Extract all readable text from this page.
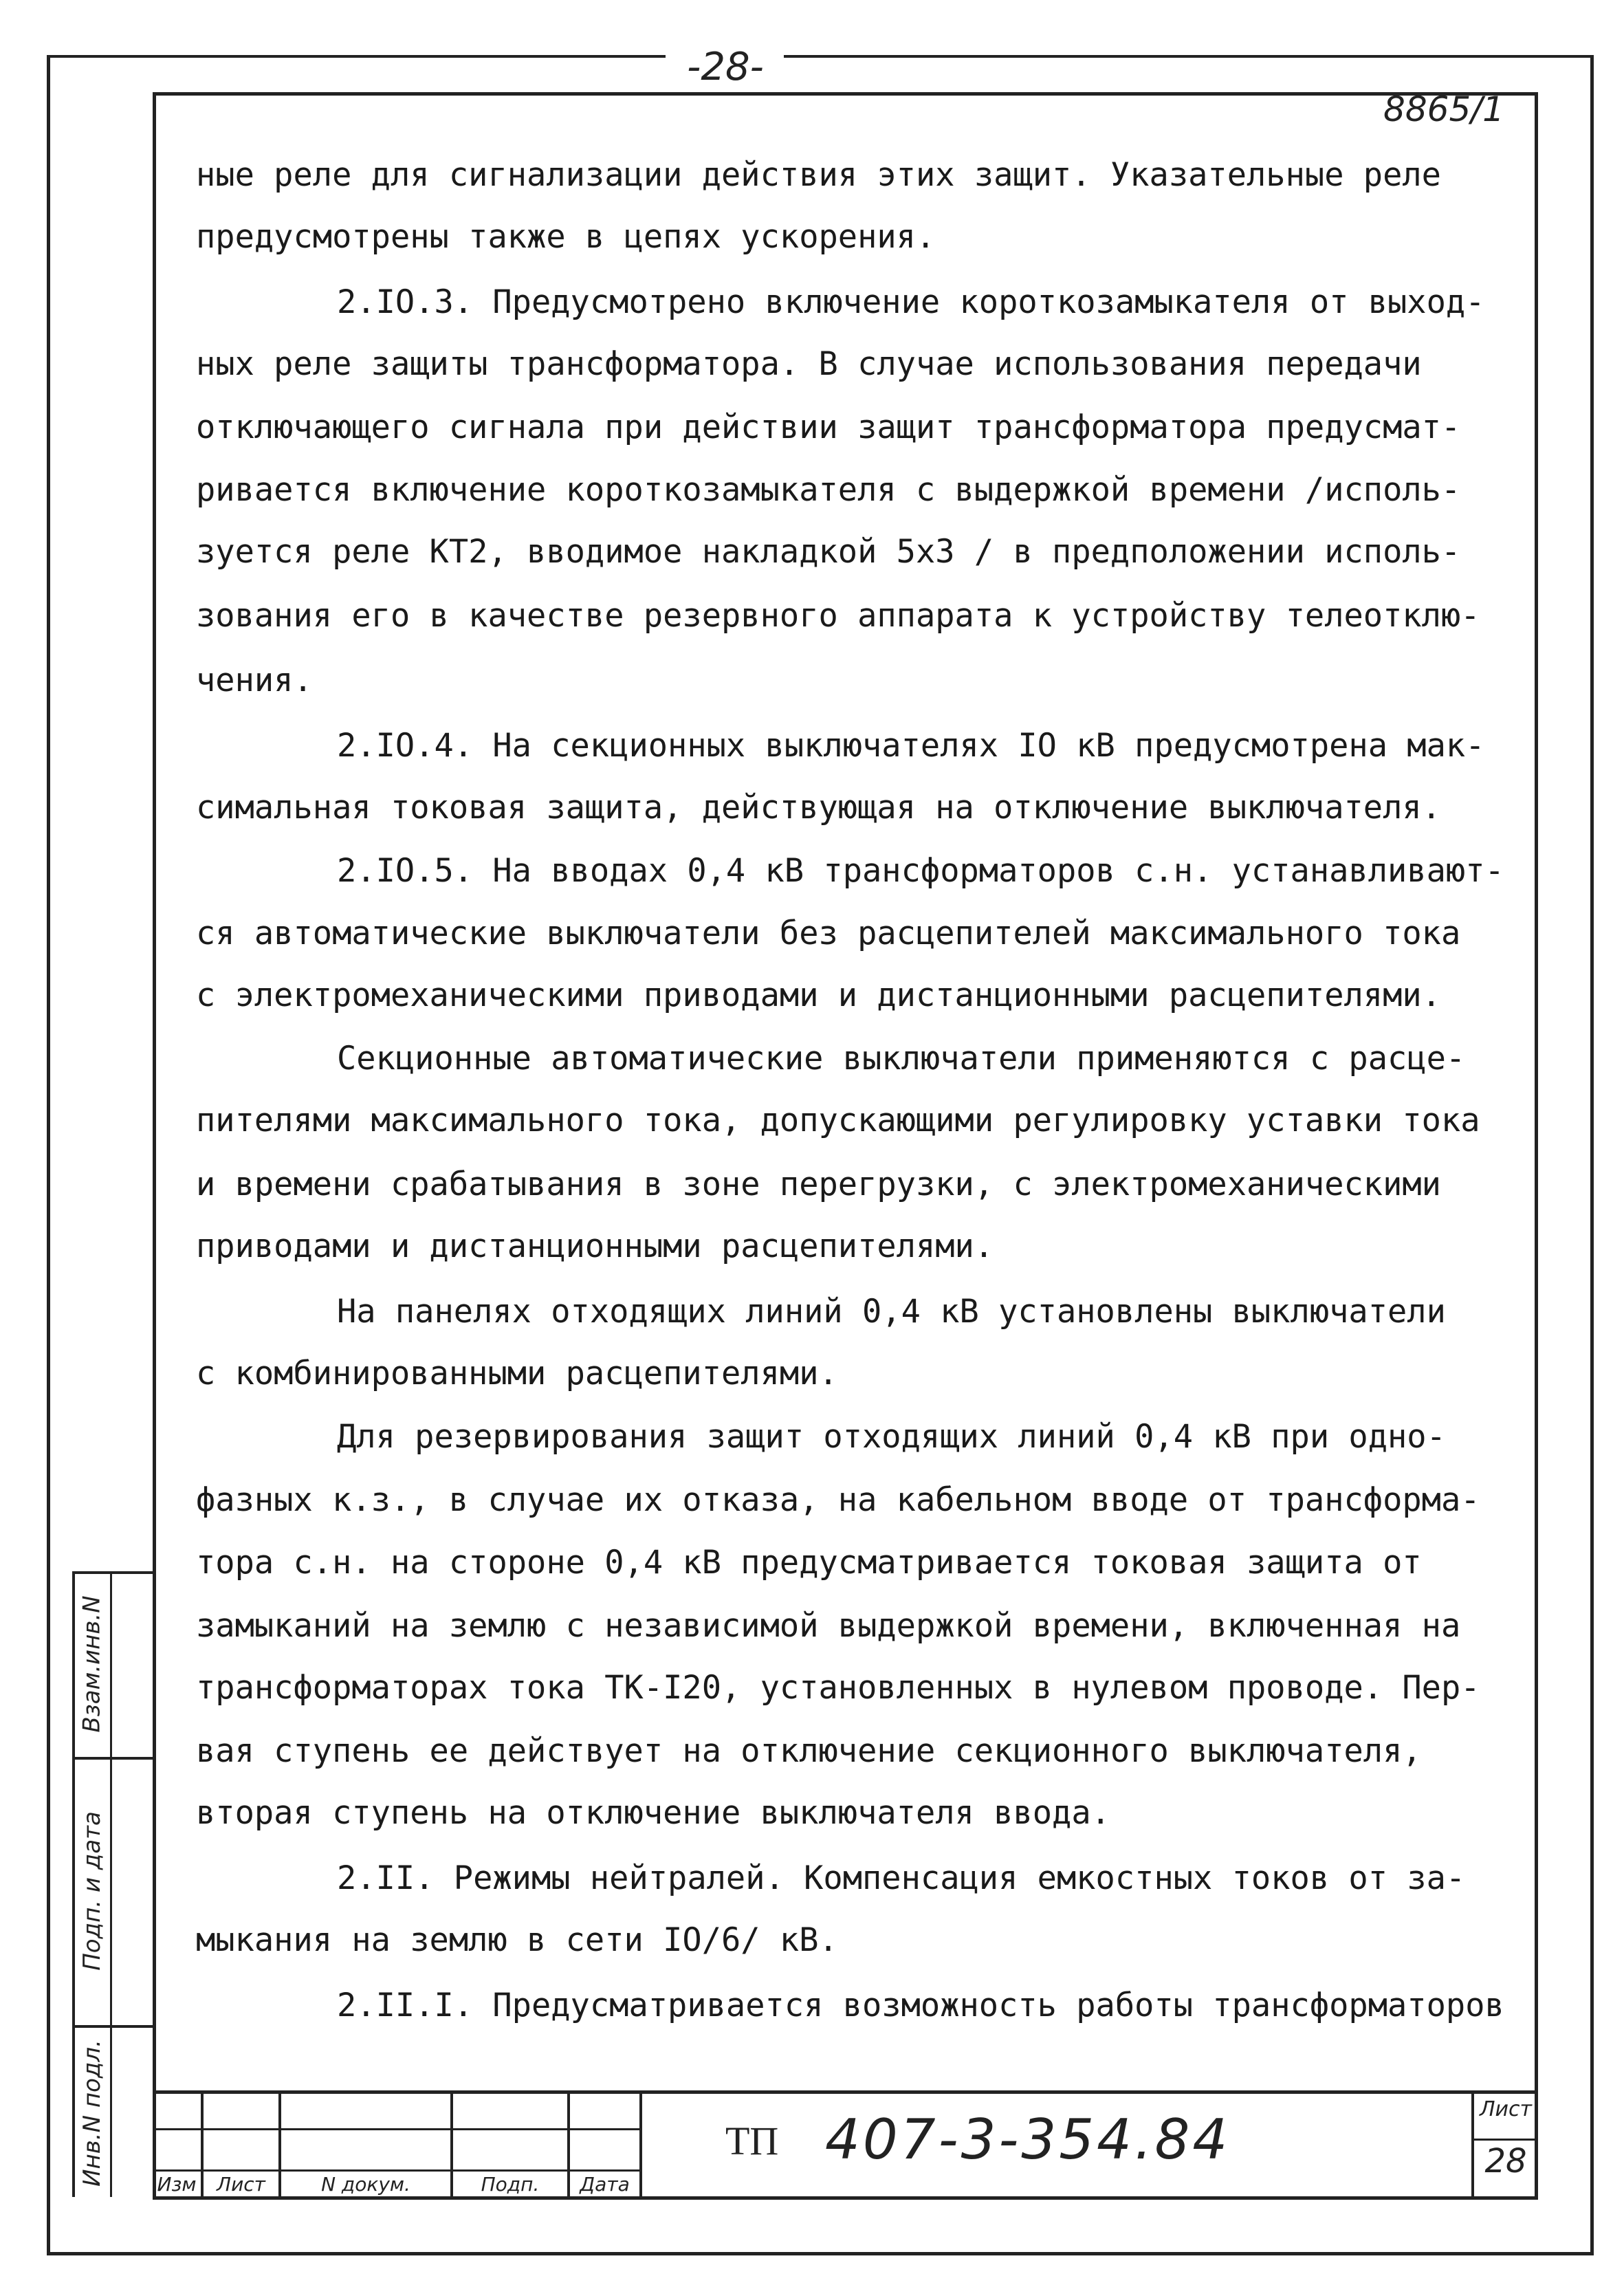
-28-
8865/1
ные реле для сигнализации действия этих защит. Указательные реле
предусмотрены также в цепях ускорения.
2.IO.3. Предусмотрено включение короткозамыкателя от выход-
ных реле защиты трансформатора. В случае использования передачи
отключающего сигнала при действии защит трансформатора предусмат-
ривается включение короткозамыкателя с выдержкой времени /исполь-
зуется реле КТ2, вводимое накладкой 5х3 / в предположении исполь-
зования его в качестве резервного аппарата к устройству телеотклю-
чения.
2.IO.4. На секционных выключателях IO кВ предусмотрена мак-
симальная токовая защита, действующая на отключение выключателя.
2.IO.5. На вводах 0,4 кВ трансформаторов с.н. устанавливают-
ся автоматические выключатели без расцепителей максимального тока
с электромеханическими приводами и дистанционными расцепителями.
Секционные автоматические выключатели применяются с расце-
пителями максимального тока, допускающими регулировку уставки тока
и времени срабатывания в зоне перегрузки, с электромеханическими
приводами и дистанционными расцепителями.
На панелях отходящих линий 0,4 кВ установлены выключатели
с комбинированными расцепителями.
Для резервирования защит отходящих линий 0,4 кВ при одно-
фазных к.з., в случае их отказа, на кабельном вводе от трансформа-
тора с.н. на стороне 0,4 кВ предусматривается токовая защита от
замыканий на землю с независимой выдержкой времени, включенная на
трансформаторах тока ТК-I20, установленных в нулевом проводе. Пер-
вая ступень ее действует на отключение секционного выключателя,
вторая ступень на отключение выключателя ввода.
2.II. Режимы нейтралей. Компенсация емкостных токов от за-
мыкания на землю в сети IO/6/ кВ.
2.II.I. Предусматривается возможность работы трансформаторов
Взам.инв.N
Подп. и дата
Инв.N подл.	Изм	Лист	N докум.	Подп.	Дата
ТП 407-3-354.84	Лист
28
